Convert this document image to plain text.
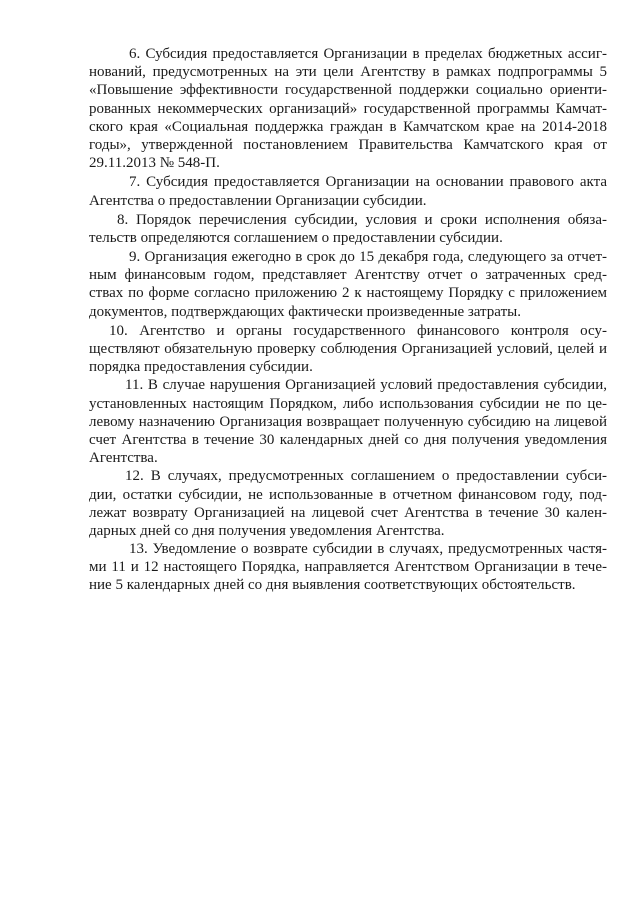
6. Субсидия предоставляется Организации в пределах бюджетных ассиг-
нований, предусмотренных на эти цели Агентству в рамках подпрограммы 5
«Повышение эффективности государственной поддержки социально ориенти-
рованных некоммерческих организаций» государственной программы Камчат-
ского края «Социальная поддержка граждан в Камчатском крае на 2014-2018
годы», утвержденной постановлением Правительства Камчатского края от
29.11.2013 № 548-П.
7. Субсидия предоставляется Организации на основании правового акта
Агентства о предоставлении Организации субсидии.
8. Порядок перечисления субсидии, условия и сроки исполнения обяза-
тельств определяются соглашением о предоставлении субсидии.
9. Организация ежегодно в срок до 15 декабря года, следующего за отчет-
ным финансовым годом, представляет Агентству отчет о затраченных сред-
ствах по форме согласно приложению 2 к настоящему Порядку с приложением
документов, подтверждающих фактически произведенные затраты.
10. Агентство и органы государственного финансового контроля осу-
ществляют обязательную проверку соблюдения Организацией условий, целей и
порядка предоставления субсидии.
11. В случае нарушения Организацией условий предоставления субсидии,
установленных настоящим Порядком, либо использования субсидии не по це-
левому назначению Организация возвращает полученную субсидию на лицевой
счет Агентства в течение 30 календарных дней со дня получения уведомления
Агентства.
12. В случаях, предусмотренных соглашением о предоставлении субси-
дии, остатки субсидии, не использованные в отчетном финансовом году, под-
лежат возврату Организацией на лицевой счет Агентства в течение 30 кален-
дарных дней со дня получения уведомления Агентства.
13. Уведомление о возврате субсидии в случаях, предусмотренных частя-
ми 11 и 12 настоящего Порядка, направляется Агентством Организации в тече-
ние 5 календарных дней со дня выявления соответствующих обстоятельств.
